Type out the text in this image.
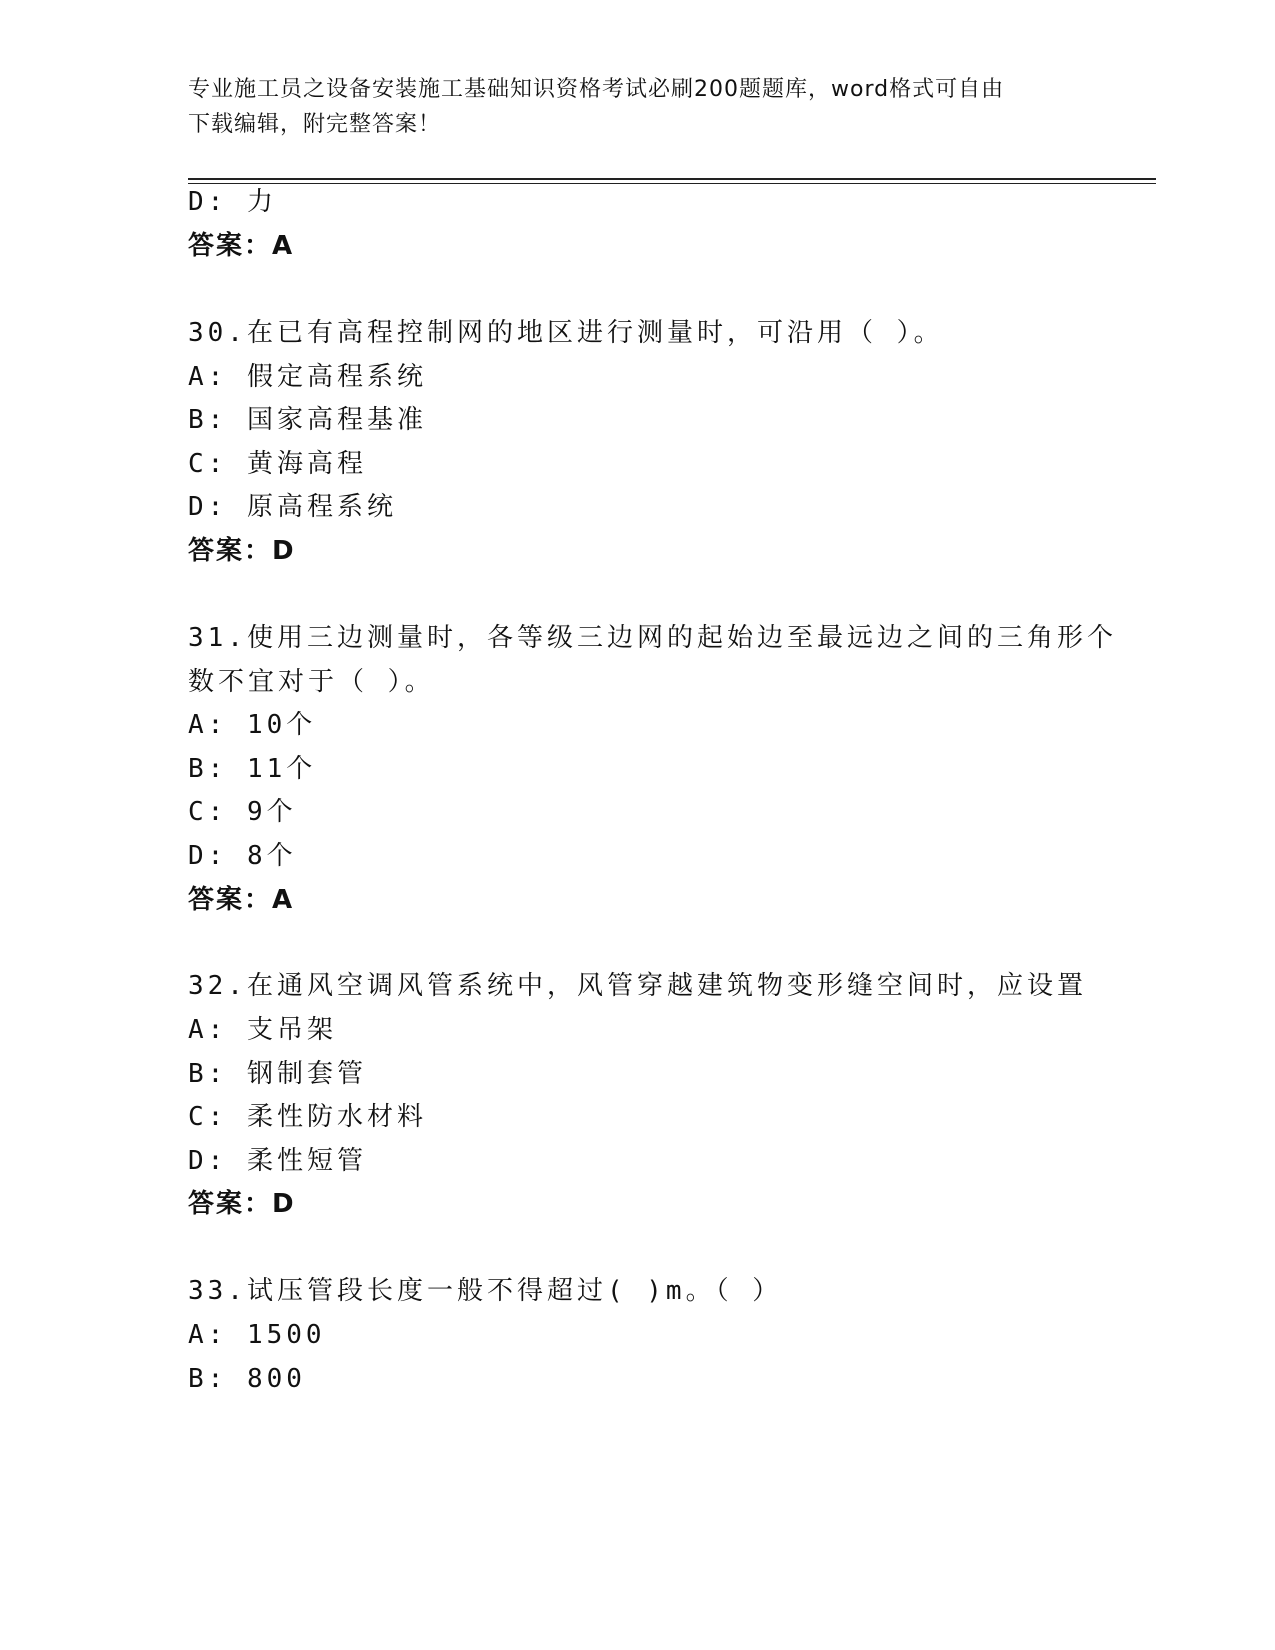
专业施工员之设备安装施工基础知识资格考试必刷200题题库，word格式可自由
下载编辑，附完整答案！
D: 力
答案：A
30.在已有高程控制网的地区进行测量时，可沿用（ ）。
A: 假定高程系统
B: 国家高程基准
C: 黄海高程
D: 原高程系统
答案：D
31.使用三边测量时，各等级三边网的起始边至最远边之间的三角形个
数不宜对于（ ）。
A: 10个
B: 11个
C: 9个
D: 8个
答案：A
32.在通风空调风管系统中，风管穿越建筑物变形缝空间时，应设置
A: 支吊架
B: 钢制套管
C: 柔性防水材料
D: 柔性短管
答案：D
33.试压管段长度一般不得超过( )m。（ ）
A: 1500
B: 800
